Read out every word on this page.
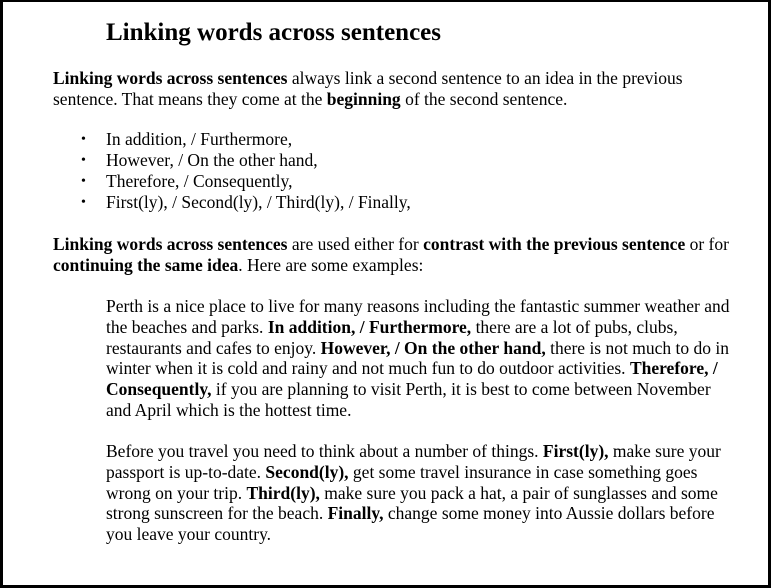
Linking words across sentences

Linking words across sentences always link a second sentence to an idea in the previous sentence. That means they come at the beginning of the second sentence.

• In addition, / Furthermore,
• However, / On the other hand,
• Therefore, / Consequently,
• First(ly), / Second(ly), / Third(ly), / Finally,

Linking words across sentences are used either for contrast with the previous sentence or for continuing the same idea. Here are some examples:

Perth is a nice place to live for many reasons including the fantastic summer weather and the beaches and parks. In addition, / Furthermore, there are a lot of pubs, clubs, restaurants and cafes to enjoy. However, / On the other hand, there is not much to do in winter when it is cold and rainy and not much fun to do outdoor activities. Therefore, / Consequently, if you are planning to visit Perth, it is best to come between November and April which is the hottest time.

Before you travel you need to think about a number of things. First(ly), make sure your passport is up-to-date. Second(ly), get some travel insurance in case something goes wrong on your trip. Third(ly), make sure you pack a hat, a pair of sunglasses and some strong sunscreen for the beach. Finally, change some money into Aussie dollars before you leave your country.
